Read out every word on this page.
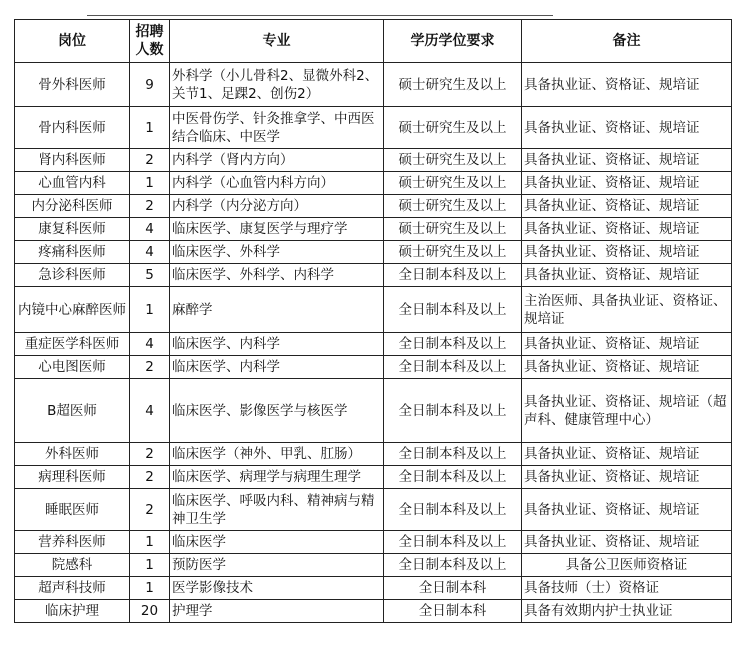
岗位	招聘人数	专业	学历学位要求	备注
骨外科医师	9	外科学（小儿骨科2、显微外科2、关节1、足踝2、创伤2）	硕士研究生及以上	具备执业证、资格证、规培证
骨内科医师	1	中医骨伤学、针灸推拿学、中西医结合临床、中医学	硕士研究生及以上	具备执业证、资格证、规培证
肾内科医师	2	内科学（肾内方向）	硕士研究生及以上	具备执业证、资格证、规培证
心血管内科	1	内科学（心血管内科方向）	硕士研究生及以上	具备执业证、资格证、规培证
内分泌科医师	2	内科学（内分泌方向）	硕士研究生及以上	具备执业证、资格证、规培证
康复科医师	4	临床医学、康复医学与理疗学	硕士研究生及以上	具备执业证、资格证、规培证
疼痛科医师	4	临床医学、外科学	硕士研究生及以上	具备执业证、资格证、规培证
急诊科医师	5	临床医学、外科学、内科学	全日制本科及以上	具备执业证、资格证、规培证
内镜中心麻醉医师	1	麻醉学	全日制本科及以上	主治医师、具备执业证、资格证、规培证
重症医学科医师	4	临床医学、内科学	全日制本科及以上	具备执业证、资格证、规培证
心电图医师	2	临床医学、内科学	全日制本科及以上	具备执业证、资格证、规培证
B超医师	4	临床医学、影像医学与核医学	全日制本科及以上	具备执业证、资格证、规培证（超声科、健康管理中心）
外科医师	2	临床医学（神外、甲乳、肛肠）	全日制本科及以上	具备执业证、资格证、规培证
病理科医师	2	临床医学、病理学与病理生理学	全日制本科及以上	具备执业证、资格证、规培证
睡眠医师	2	临床医学、呼吸内科、精神病与精神卫生学	全日制本科及以上	具备执业证、资格证、规培证
营养科医师	1	临床医学	全日制本科及以上	具备执业证、资格证、规培证
院感科	1	预防医学	全日制本科及以上	具备公卫医师资格证
超声科技师	1	医学影像技术	全日制本科	具备技师（士）资格证
临床护理	20	护理学	全日制本科	具备有效期内护士执业证
